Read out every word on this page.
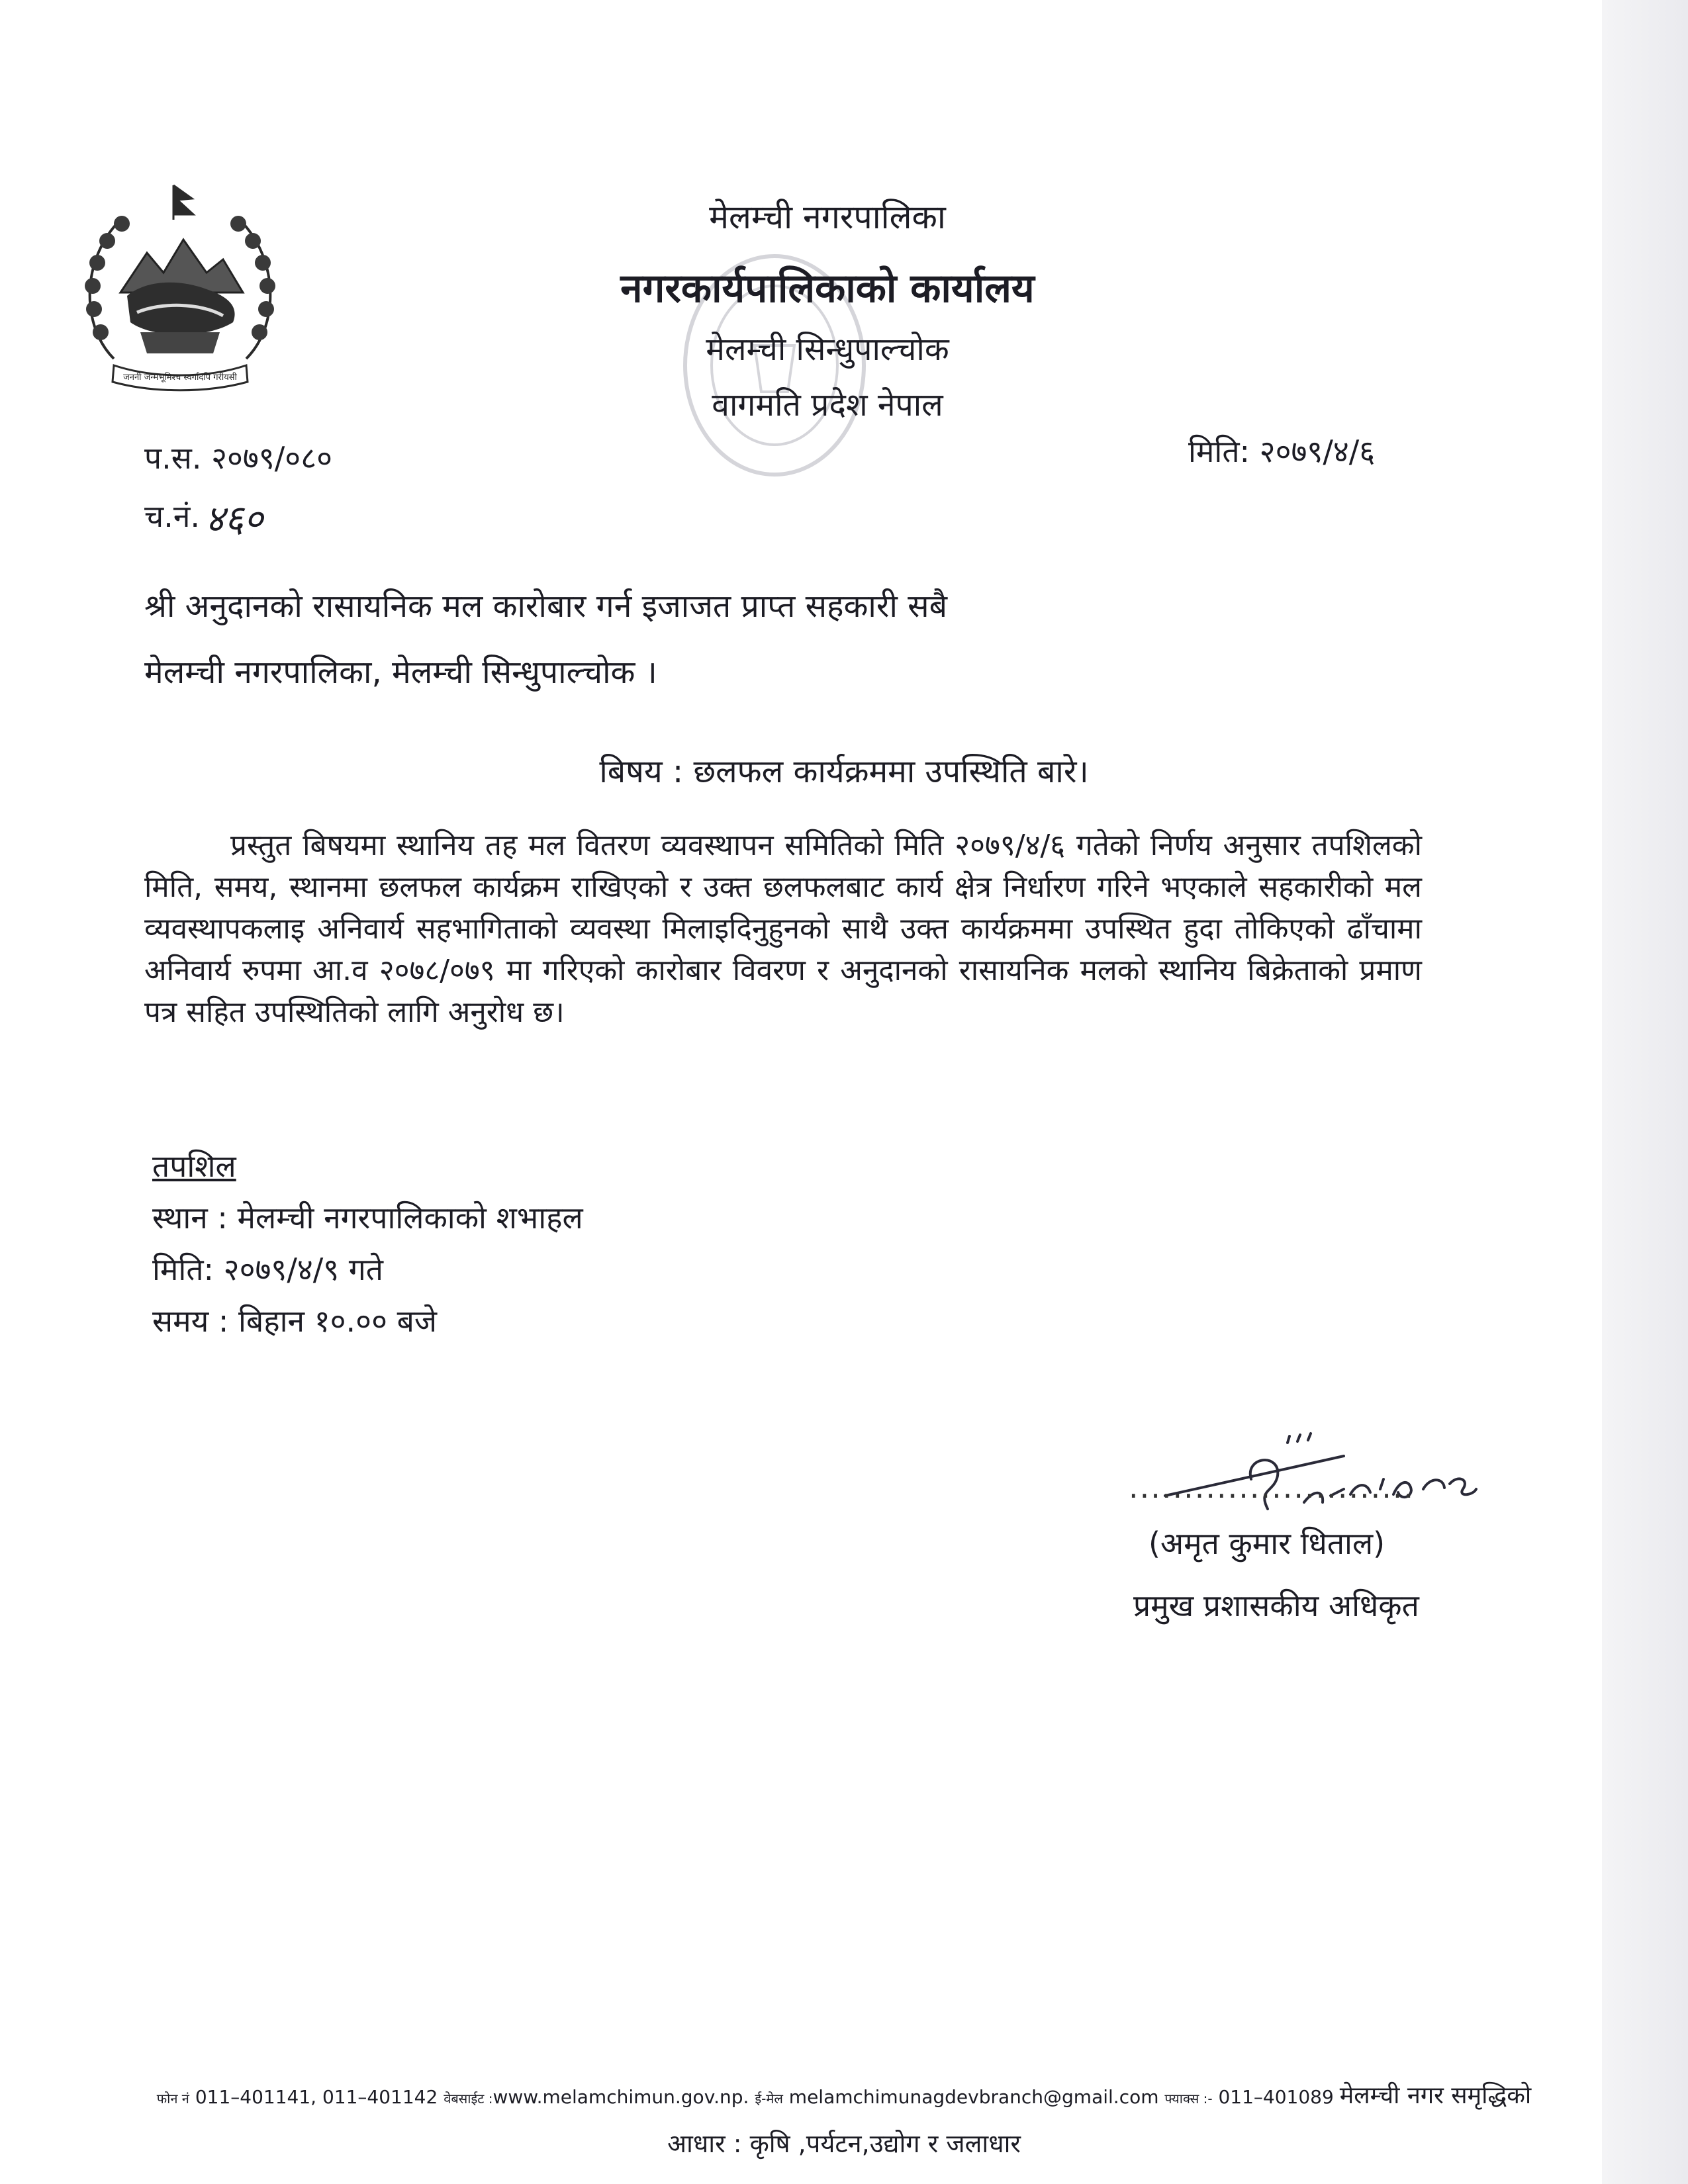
जननी जन्मभूमिश्च स्वर्गादपि गरीयसी
मेलम्ची नगरपालिका
नगरकार्यपालिकाको कार्यालय
मेलम्ची सिन्धुपाल्चोक
वागमति प्रदेश नेपाल
प.स. २०७९/०८०	मिति: २०७९/४/६
च.नं. ४६०
श्री अनुदानको रासायनिक मल कारोबार गर्न इजाजत प्राप्त सहकारी सबै
मेलम्ची नगरपालिका, मेलम्ची सिन्धुपाल्चोक ।
बिषय : छलफल कार्यक्रममा उपस्थिति बारे।

प्रस्तुत बिषयमा स्थानिय तह मल वितरण व्यवस्थापन समितिको मिति २०७९/४/६ गतेको निर्णय अनुसार तपशिलको मिति, समय, स्थानमा छलफल कार्यक्रम राखिएको र उक्त छलफलबाट कार्य क्षेत्र निर्धारण गरिने भएकाले सहकारीको मल व्यवस्थापकलाइ अनिवार्य सहभागिताको व्यवस्था मिलाइदिनुहुनको साथै उक्त कार्यक्रममा उपस्थित हुदा तोकिएको ढाँचामा अनिवार्य रुपमा आ.व २०७८/०७९ मा गरिएको कारोबार विवरण र अनुदानको रासायनिक मलको स्थानिय बिक्रेताको प्रमाण पत्र सहित उपस्थितिको लागि अनुरोध छ।

तपशिल
स्थान : मेलम्ची नगरपालिकाको शभाहल
मिति: २०७९/४/९ गते
समय : बिहान १०.०० बजे
..........................
(अमृत कुमार धिताल)
प्रमुख प्रशासकीय अधिकृत
फोन नं 011–401141, 011–401142 वेबसाईट :www.melamchimun.gov.np. ई-मेल melamchimunagdevbranch@gmail.com फ्याक्स :- 011–401089 मेलम्ची नगर समृद्धिको
आधार : कृषि ,पर्यटन,उद्योग र जलाधार
